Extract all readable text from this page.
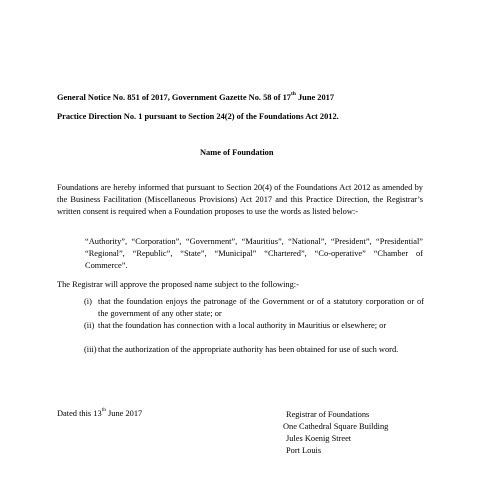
General Notice No. 851 of 2017, Government Gazette No. 58 of 17th June 2017
Practice Direction No. 1 pursuant to Section 24(2) of the Foundations Act 2012.
Name of Foundation
Foundations are hereby informed that pursuant to Section 20(4) of the Foundations Act 2012 as amended by the Business Facilitation (Miscellaneous Provisions) Act 2017 and this Practice Direction, the Registrar’s written consent is required when a Foundation proposes to use the words as listed below:-
“Authority”, “Corporation”, “Government”, “Mauritius”, “National”, “President”, “Presidential” “Regional”, “Republic”, “State”, “Municipal” “Chartered”, “Co-operative” “Chamber of Commerce”.
The Registrar will approve the proposed name subject to the following:-
(i) that the foundation enjoys the patronage of the Government or of a statutory corporation or of the government of any other state; or
(ii) that the foundation has connection with a local authority in Mauritius or elsewhere; or
(iii) that the authorization of the appropriate authority has been obtained for use of such word.
Dated this 13th June 2017	Registrar of Foundations
One Cathedral Square Building
Jules Koenig Street
Port Louis
